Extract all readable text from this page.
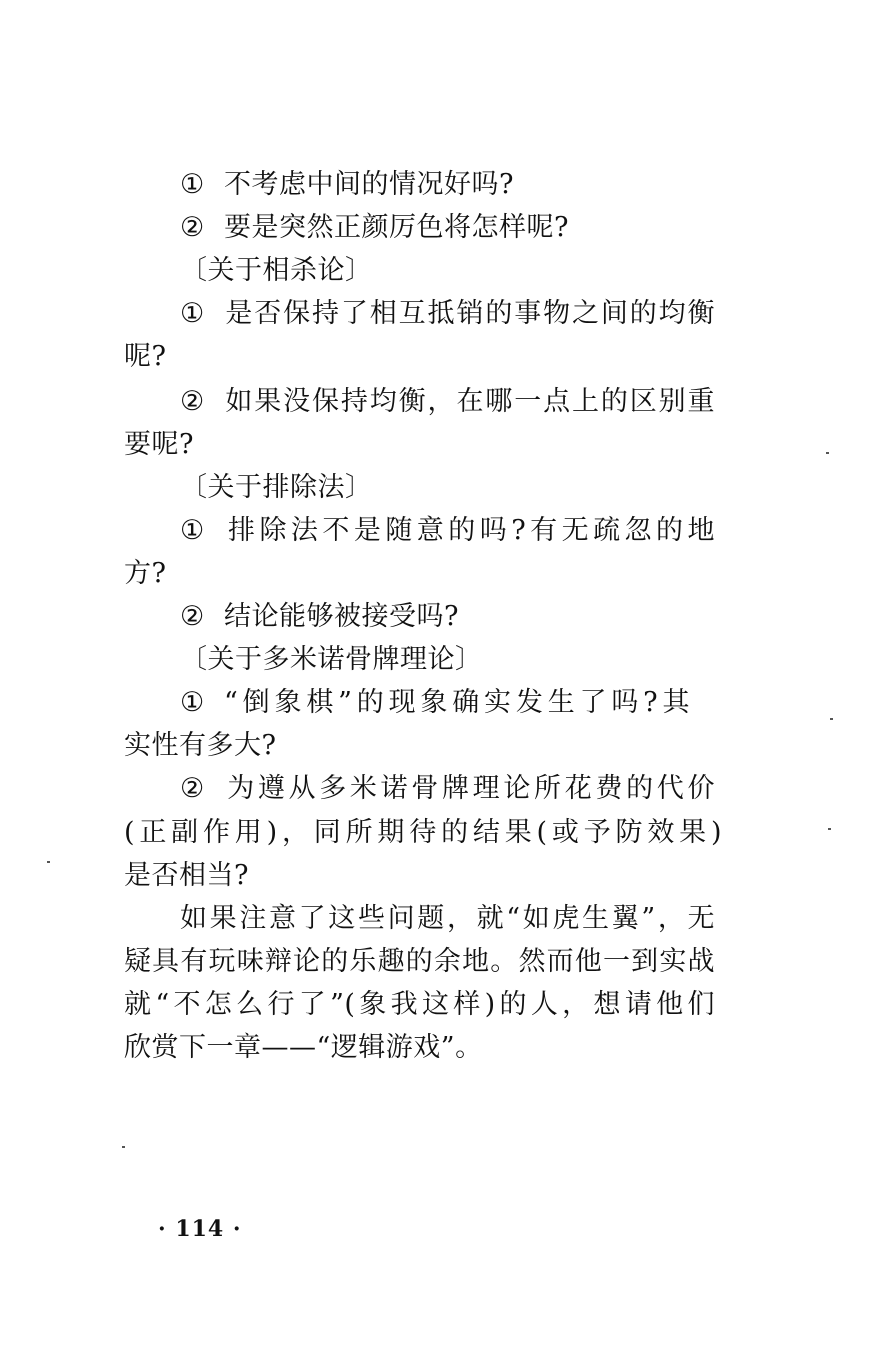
① 不考虑中间的情况好吗?
② 要是突然正颜厉色将怎样呢?
〔关于相杀论〕
① 是否保持了相互抵销的事物之间的均衡
呢?
② 如果没保持均衡，在哪一点上的区别重
要呢?
〔关于排除法〕
① 排除法不是随意的吗?有无疏忽的地
方?
② 结论能够被接受吗?
〔关于多米诺骨牌理论〕
① “倒象棋”的现象确实发生了吗?其
实性有多大?
② 为遵从多米诺骨牌理论所花费的代价
(正副作用)，同所期待的结果(或予防效果)
是否相当?
如果注意了这些问题，就“如虎生翼”，无
疑具有玩味辩论的乐趣的余地。然而他一到实战
就“不怎么行了”(象我这样)的人，想请他们
欣赏下一章——“逻辑游戏”。
· 114 ·
